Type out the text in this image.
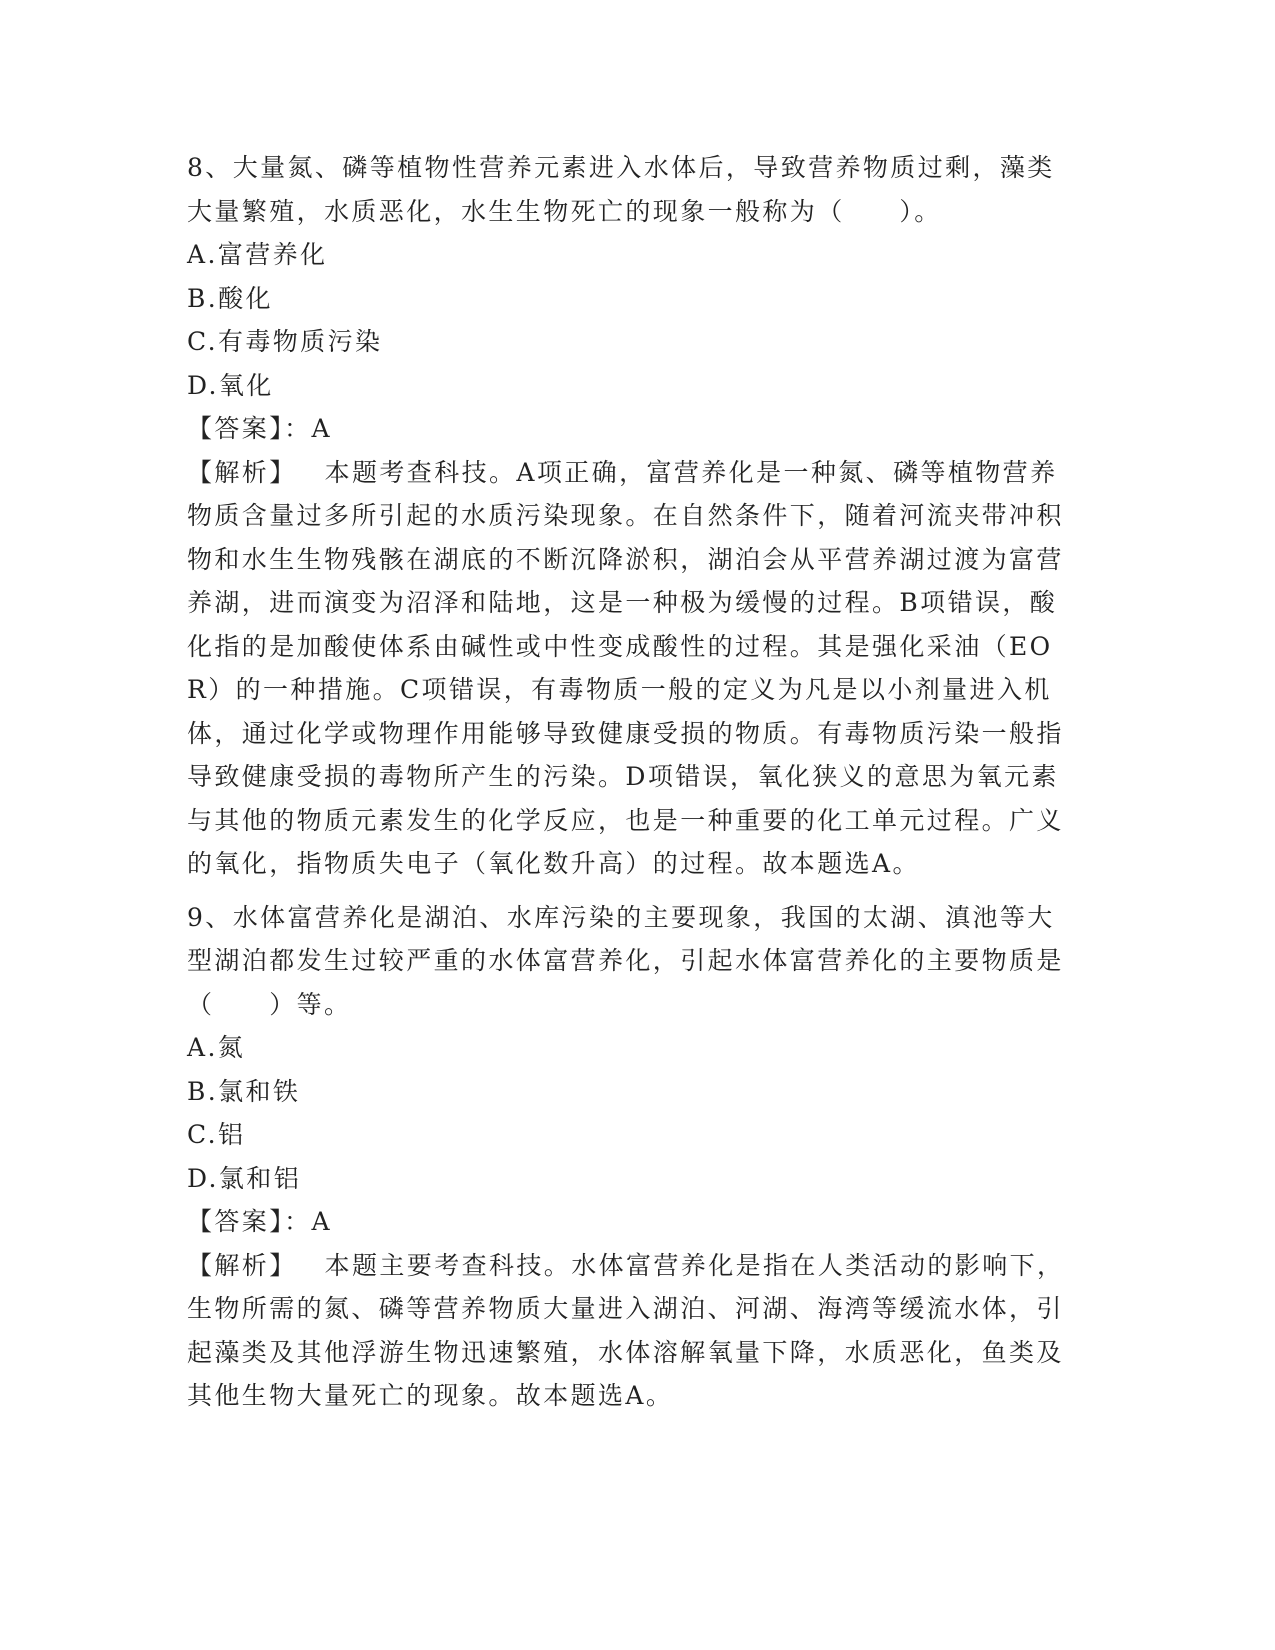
8、大量氮、磷等植物性营养元素进入水体后，导致营养物质过剩，藻类大量繁殖，水质恶化，水生生物死亡的现象一般称为（　　）。

A.富营养化

B.酸化

C.有毒物质污染

D.氧化

【答案】：A

【解析】 本题考查科技。A项正确，富营养化是一种氮、磷等植物营养物质含量过多所引起的水质污染现象。在自然条件下，随着河流夹带冲积物和水生生物残骸在湖底的不断沉降淤积，湖泊会从平营养湖过渡为富营养湖，进而演变为沼泽和陆地，这是一种极为缓慢的过程。B项错误，酸化指的是加酸使体系由碱性或中性变成酸性的过程。其是强化采油（EOR）的一种措施。C项错误，有毒物质一般的定义为凡是以小剂量进入机体，通过化学或物理作用能够导致健康受损的物质。有毒物质污染一般指导致健康受损的毒物所产生的污染。D项错误，氧化狭义的意思为氧元素与其他的物质元素发生的化学反应，也是一种重要的化工单元过程。广义的氧化，指物质失电子（氧化数升高）的过程。故本题选A。

9、水体富营养化是湖泊、水库污染的主要现象，我国的太湖、滇池等大型湖泊都发生过较严重的水体富营养化，引起水体富营养化的主要物质是（　　）等。

A.氮

B.氯和铁

C.铝

D.氯和铝

【答案】：A

【解析】 本题主要考查科技。水体富营养化是指在人类活动的影响下，生物所需的氮、磷等营养物质大量进入湖泊、河湖、海湾等缓流水体，引起藻类及其他浮游生物迅速繁殖，水体溶解氧量下降，水质恶化，鱼类及其他生物大量死亡的现象。故本题选A。
